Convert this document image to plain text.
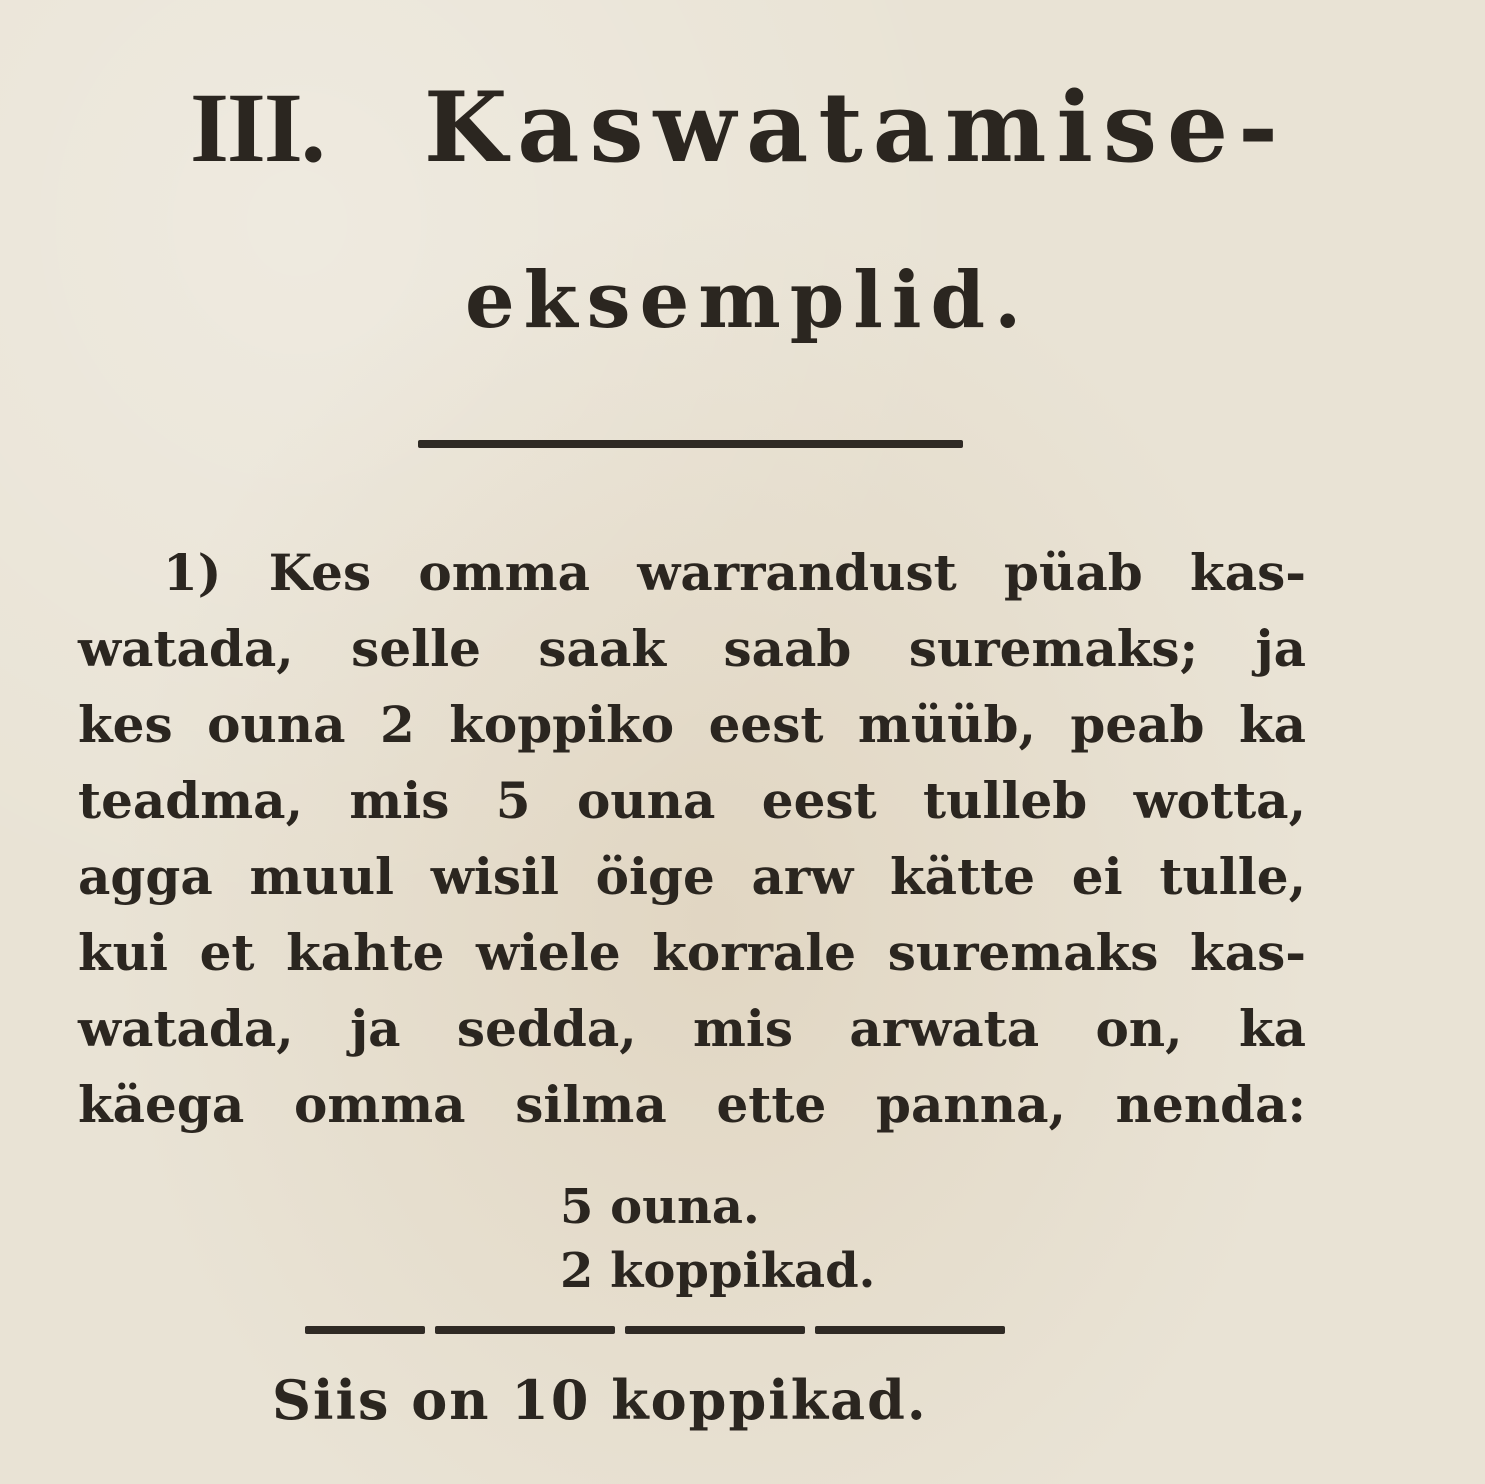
III. Kaswatamise-
eksemplid.
1) Kes omma warrandust püab kas-
watada, selle saak saab suremaks; ja
kes ouna 2 koppiko eest müüb, peab ka
teadma, mis 5 ouna eest tulleb wotta,
agga muul wisil öige arw kätte ei tulle,
kui et kahte wiele korrale suremaks kas-
watada, ja sedda, mis arwata on, ka
käega omma silma ette panna, nenda:
5 ouna.
2 koppikad.
Siis on 10 koppikad.
